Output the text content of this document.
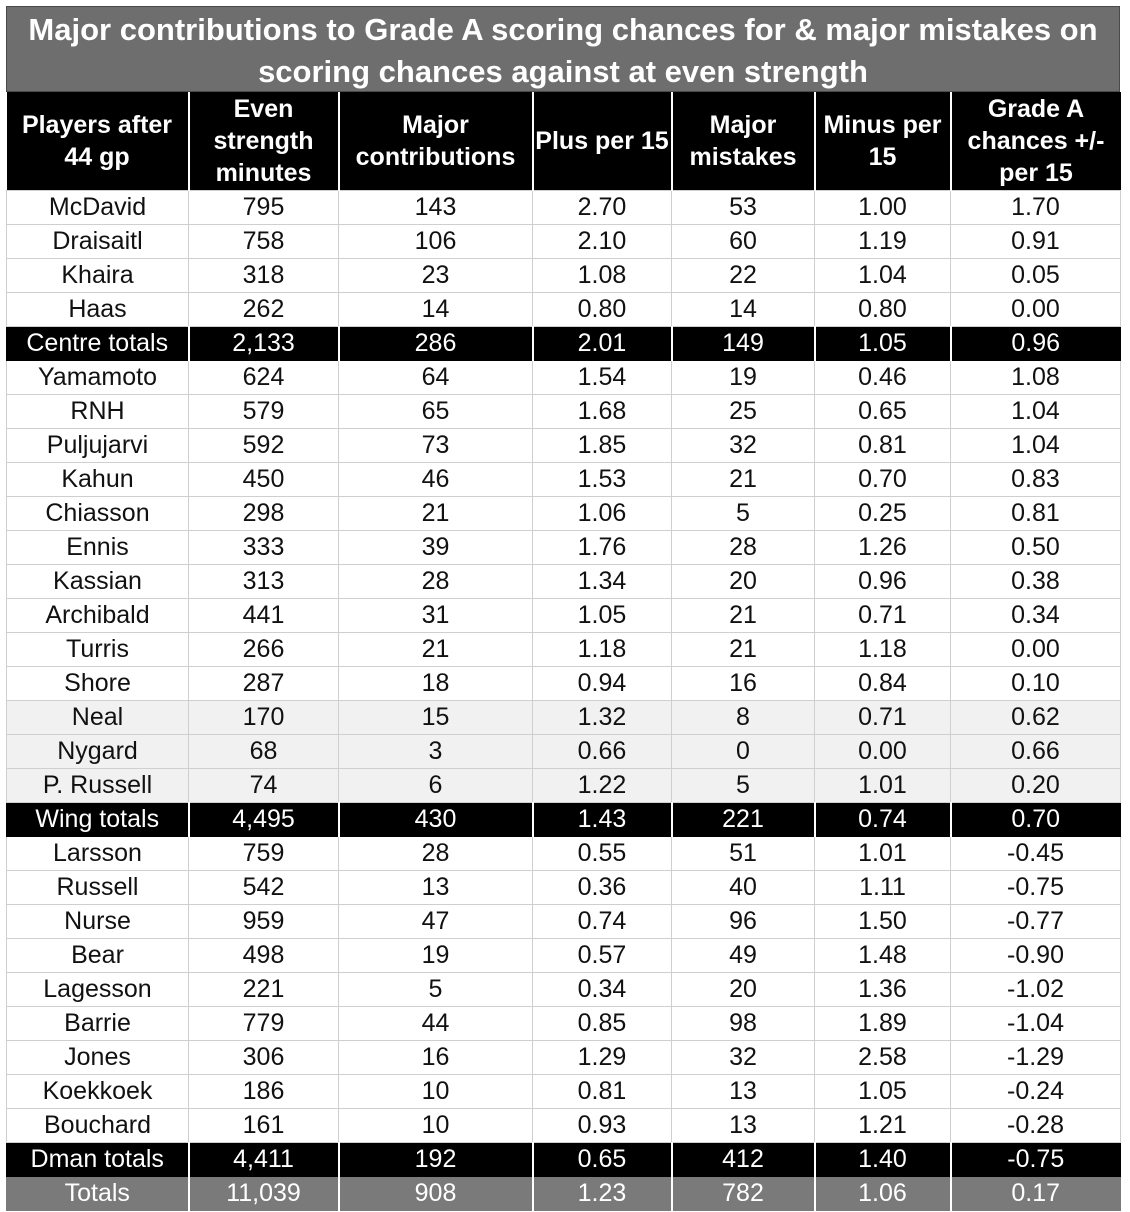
Major contributions to Grade A scoring chances for & major mistakes on scoring chances against at even strength
Players after 44 gp	Even strength minutes	Major contributions	Plus per 15	Major mistakes	Minus per 15	Grade A chances +/- per 15
McDavid	795	143	2.70	53	1.00	1.70
Draisaitl	758	106	2.10	60	1.19	0.91
Khaira	318	23	1.08	22	1.04	0.05
Haas	262	14	0.80	14	0.80	0.00
Centre totals	2,133	286	2.01	149	1.05	0.96
Yamamoto	624	64	1.54	19	0.46	1.08
RNH	579	65	1.68	25	0.65	1.04
Puljujarvi	592	73	1.85	32	0.81	1.04
Kahun	450	46	1.53	21	0.70	0.83
Chiasson	298	21	1.06	5	0.25	0.81
Ennis	333	39	1.76	28	1.26	0.50
Kassian	313	28	1.34	20	0.96	0.38
Archibald	441	31	1.05	21	0.71	0.34
Turris	266	21	1.18	21	1.18	0.00
Shore	287	18	0.94	16	0.84	0.10
Neal	170	15	1.32	8	0.71	0.62
Nygard	68	3	0.66	0	0.00	0.66
P. Russell	74	6	1.22	5	1.01	0.20
Wing totals	4,495	430	1.43	221	0.74	0.70
Larsson	759	28	0.55	51	1.01	-0.45
Russell	542	13	0.36	40	1.11	-0.75
Nurse	959	47	0.74	96	1.50	-0.77
Bear	498	19	0.57	49	1.48	-0.90
Lagesson	221	5	0.34	20	1.36	-1.02
Barrie	779	44	0.85	98	1.89	-1.04
Jones	306	16	1.29	32	2.58	-1.29
Koekkoek	186	10	0.81	13	1.05	-0.24
Bouchard	161	10	0.93	13	1.21	-0.28
Dman totals	4,411	192	0.65	412	1.40	-0.75
Totals	11,039	908	1.23	782	1.06	0.17
